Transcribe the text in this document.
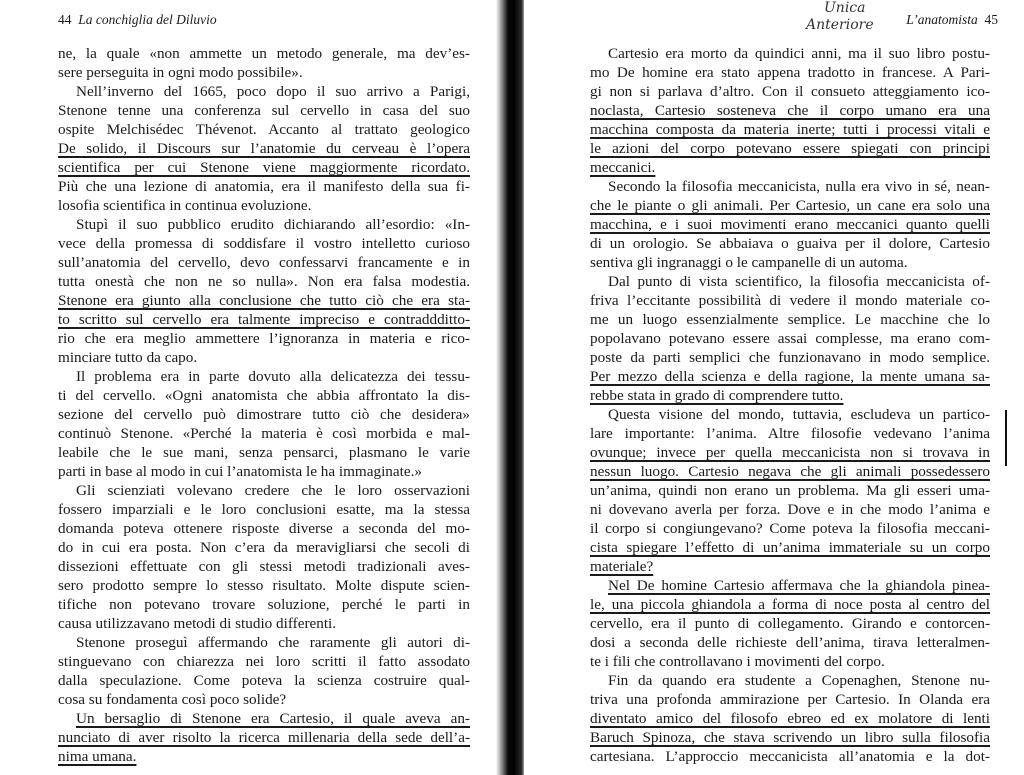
44 La conchiglia del Diluvio

ne, la quale «non ammette un metodo generale, ma dev’es-
sere perseguita in ogni modo possibile».
Nell’inverno del 1665, poco dopo il suo arrivo a Parigi,
Stenone tenne una conferenza sul cervello in casa del suo
ospite Melchisédec Thévenot. Accanto al trattato geologico
De solido, il Discours sur l’anatomie du cerveau è l’opera
scientifica per cui Stenone viene maggiormente ricordato.
Più che una lezione di anatomia, era il manifesto della sua fi-
losofia scientifica in continua evoluzione.
Stupì il suo pubblico erudito dichiarando all’esordio: «In-
vece della promessa di soddisfare il vostro intelletto curioso
sull’anatomia del cervello, devo confessarvi francamente e in
tutta onestà che non ne so nulla». Non era falsa modestia.
Stenone era giunto alla conclusione che tutto ciò che era sta-
to scritto sul cervello era talmente impreciso e contraddditto-
rio che era meglio ammettere l’ignoranza in materia e rico-
minciare tutto da capo.
Il problema era in parte dovuto alla delicatezza dei tessu-
ti del cervello. «Ogni anatomista che abbia affrontato la dis-
sezione del cervello può dimostrare tutto ciò che desidera»
continuò Stenone. «Perché la materia è così morbida e mal-
leabile che le sue mani, senza pensarci, plasmano le varie
parti in base al modo in cui l’anatomista le ha immaginate.»
Gli scienziati volevano credere che le loro osservazioni
fossero imparziali e le loro conclusioni esatte, ma la stessa
domanda poteva ottenere risposte diverse a seconda del mo-
do in cui era posta. Non c’era da meravigliarsi che secoli di
dissezioni effettuate con gli stessi metodi tradizionali aves-
sero prodotto sempre lo stesso risultato. Molte dispute scien-
tifiche non potevano trovare soluzione, perché le parti in
causa utilizzavano metodi di studio differenti.
Stenone proseguì affermando che raramente gli autori di-
stinguevano con chiarezza nei loro scritti il fatto assodato
dalla speculazione. Come poteva la scienza costruire qual-
cosa su fondamenta così poco solide?
Un bersaglio di Stenone era Cartesio, il quale aveva an-
nunciato di aver risolto la ricerca millenaria della sede dell’a-
nima umana.
Unica
Anteriore L’anatomista 45

Cartesio era morto da quindici anni, ma il suo libro postu-
mo De homine era stato appena tradotto in francese. A Pari-
gi non si parlava d’altro. Con il consueto atteggiamento ico-
noclasta, Cartesio sosteneva che il corpo umano era una
macchina composta da materia inerte; tutti i processi vitali e
le azioni del corpo potevano essere spiegati con principi
meccanici.
Secondo la filosofia meccanicista, nulla era vivo in sé, nean-
che le piante o gli animali. Per Cartesio, un cane era solo una
macchina, e i suoi movimenti erano meccanici quanto quelli
di un orologio. Se abbaiava o guaiva per il dolore, Cartesio
sentiva gli ingranaggi o le campanelle di un automa.
Dal punto di vista scientifico, la filosofia meccanicista of-
friva l’eccitante possibilità di vedere il mondo materiale co-
me un luogo essenzialmente semplice. Le macchine che lo
popolavano potevano essere assai complesse, ma erano com-
poste da parti semplici che funzionavano in modo semplice.
Per mezzo della scienza e della ragione, la mente umana sa-
rebbe stata in grado di comprendere tutto.
Questa visione del mondo, tuttavia, escludeva un partico-
lare importante: l’anima. Altre filosofie vedevano l’anima
ovunque; invece per quella meccanicista non si trovava in
nessun luogo. Cartesio negava che gli animali possedessero
un’anima, quindi non erano un problema. Ma gli esseri uma-
ni dovevano averla per forza. Dove e in che modo l’anima e
il corpo si congiungevano? Come poteva la filosofia meccani-
cista spiegare l’effetto di un’anima immateriale su un corpo
materiale?
Nel De homine Cartesio affermava che la ghiandola pinea-
le, una piccola ghiandola a forma di noce posta al centro del
cervello, era il punto di collegamento. Girando e contorcen-
dosi a seconda delle richieste dell’anima, tirava letteralmen-
te i fili che controllavano i movimenti del corpo.
Fin da quando era studente a Copenaghen, Stenone nu-
triva una profonda ammirazione per Cartesio. In Olanda era
diventato amico del filosofo ebreo ed ex molatore di lenti
Baruch Spinoza, che stava scrivendo un libro sulla filosofia
cartesiana. L’approccio meccanicista all’anatomia e la dot-
